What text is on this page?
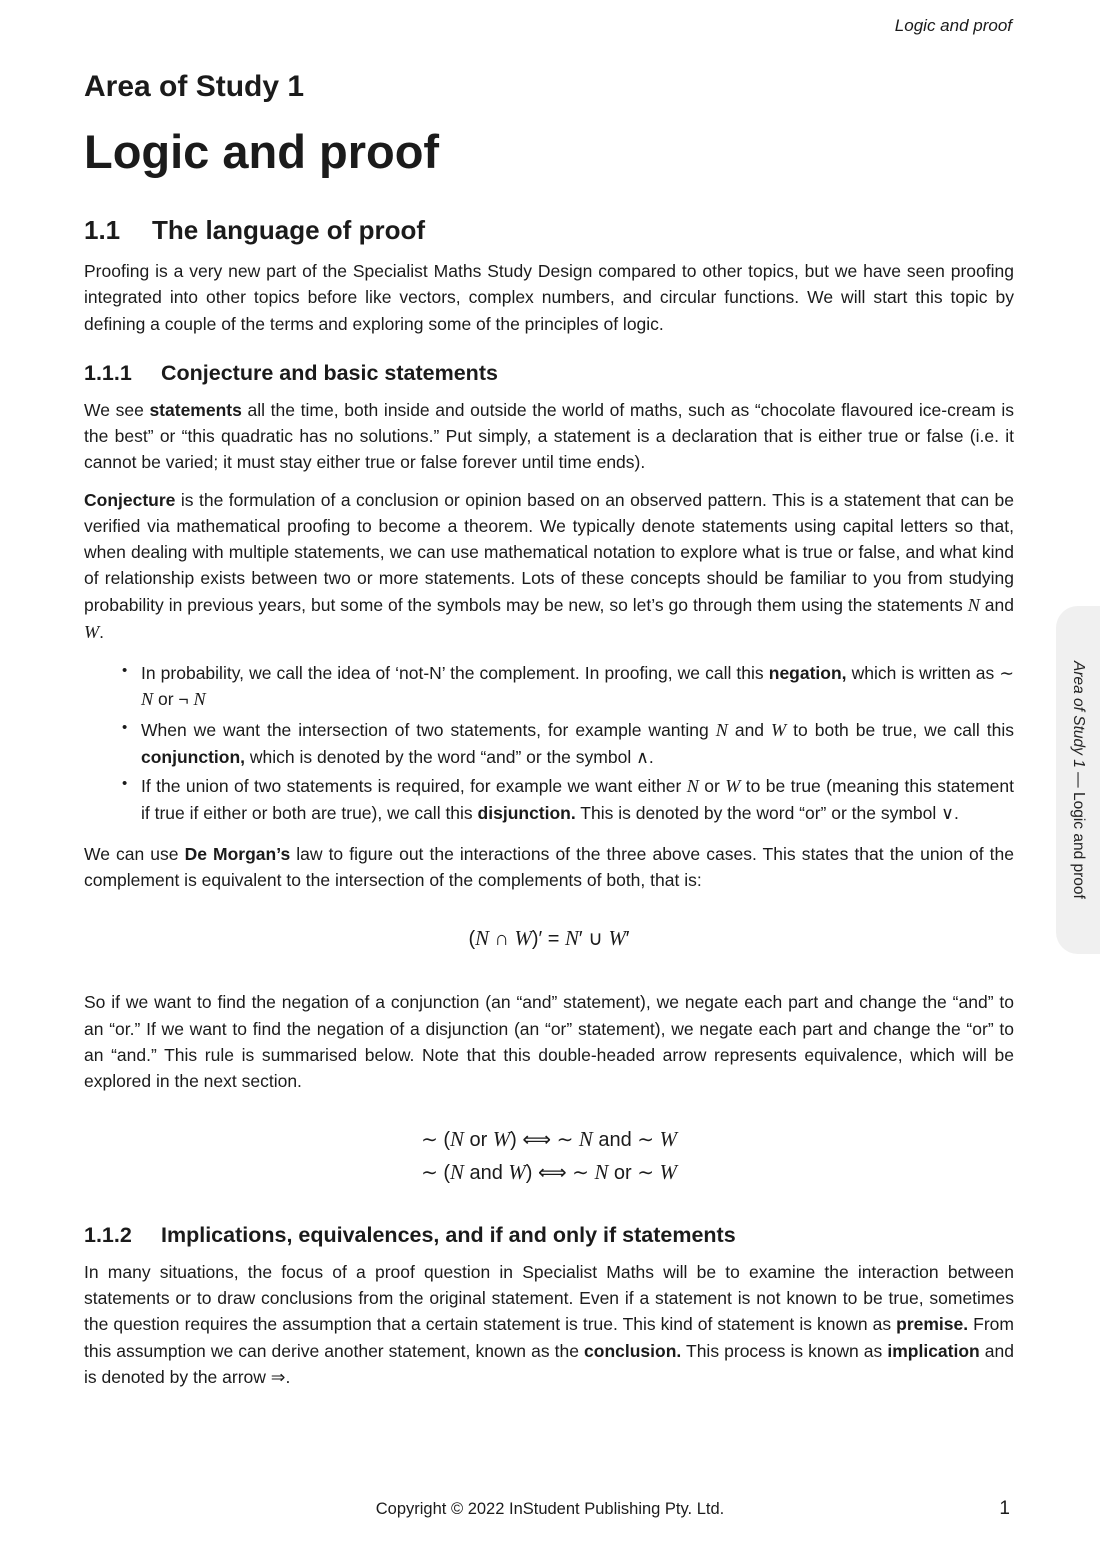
Logic and proof
Area of Study 1 — Logic and proof
Area of Study 1
Logic and proof
1.1 The language of proof

Proofing is a very new part of the Specialist Maths Study Design compared to other topics, but we have seen proofing integrated into other topics before like vectors, complex numbers, and circular functions. We will start this topic by defining a couple of the terms and exploring some of the principles of logic.

1.1.1 Conjecture and basic statements

We see statements all the time, both inside and outside the world of maths, such as “chocolate flavoured ice-cream is the best” or “this quadratic has no solutions.” Put simply, a statement is a declaration that is either true or false (i.e. it cannot be varied; it must stay either true or false forever until time ends).

Conjecture is the formulation of a conclusion or opinion based on an observed pattern. This is a statement that can be verified via mathematical proofing to become a theorem. We typically denote statements using capital letters so that, when dealing with multiple statements, we can use mathematical notation to explore what is true or false, and what kind of relationship exists between two or more statements. Lots of these concepts should be familiar to you from studying probability in previous years, but some of the symbols may be new, so let’s go through them using the statements N and W.

• In probability, we call the idea of ‘not-N’ the complement. In proofing, we call this negation, which is written as ∼ N or ¬ N
• When we want the intersection of two statements, for example wanting N and W to both be true, we call this conjunction, which is denoted by the word “and” or the symbol ∧.
• If the union of two statements is required, for example we want either N or W to be true (meaning this statement if true if either or both are true), we call this disjunction. This is denoted by the word “or” or the symbol ∨.

We can use De Morgan’s law to figure out the interactions of the three above cases. This states that the union of the complement is equivalent to the intersection of the complements of both, that is:

(N ∩ W)′ = N′ ∪ W′

So if we want to find the negation of a conjunction (an “and” statement), we negate each part and change the “and” to an “or.” If we want to find the negation of a disjunction (an “or” statement), we negate each part and change the “or” to an “and.” This rule is summarised below. Note that this double-headed arrow represents equivalence, which will be explored in the next section.

∼ (N or W) ⟺ ∼ N and ∼ W
∼ (N and W) ⟺ ∼ N or ∼ W
1.1.2 Implications, equivalences, and if and only if statements

In many situations, the focus of a proof question in Specialist Maths will be to examine the interaction between statements or to draw conclusions from the original statement. Even if a statement is not known to be true, sometimes the question requires the assumption that a certain statement is true. This kind of statement is known as premise. From this assumption we can derive another statement, known as the conclusion. This process is known as implication and is denoted by the arrow ⇒.

Copyright © 2022 InStudent Publishing Pty. Ltd.	1
